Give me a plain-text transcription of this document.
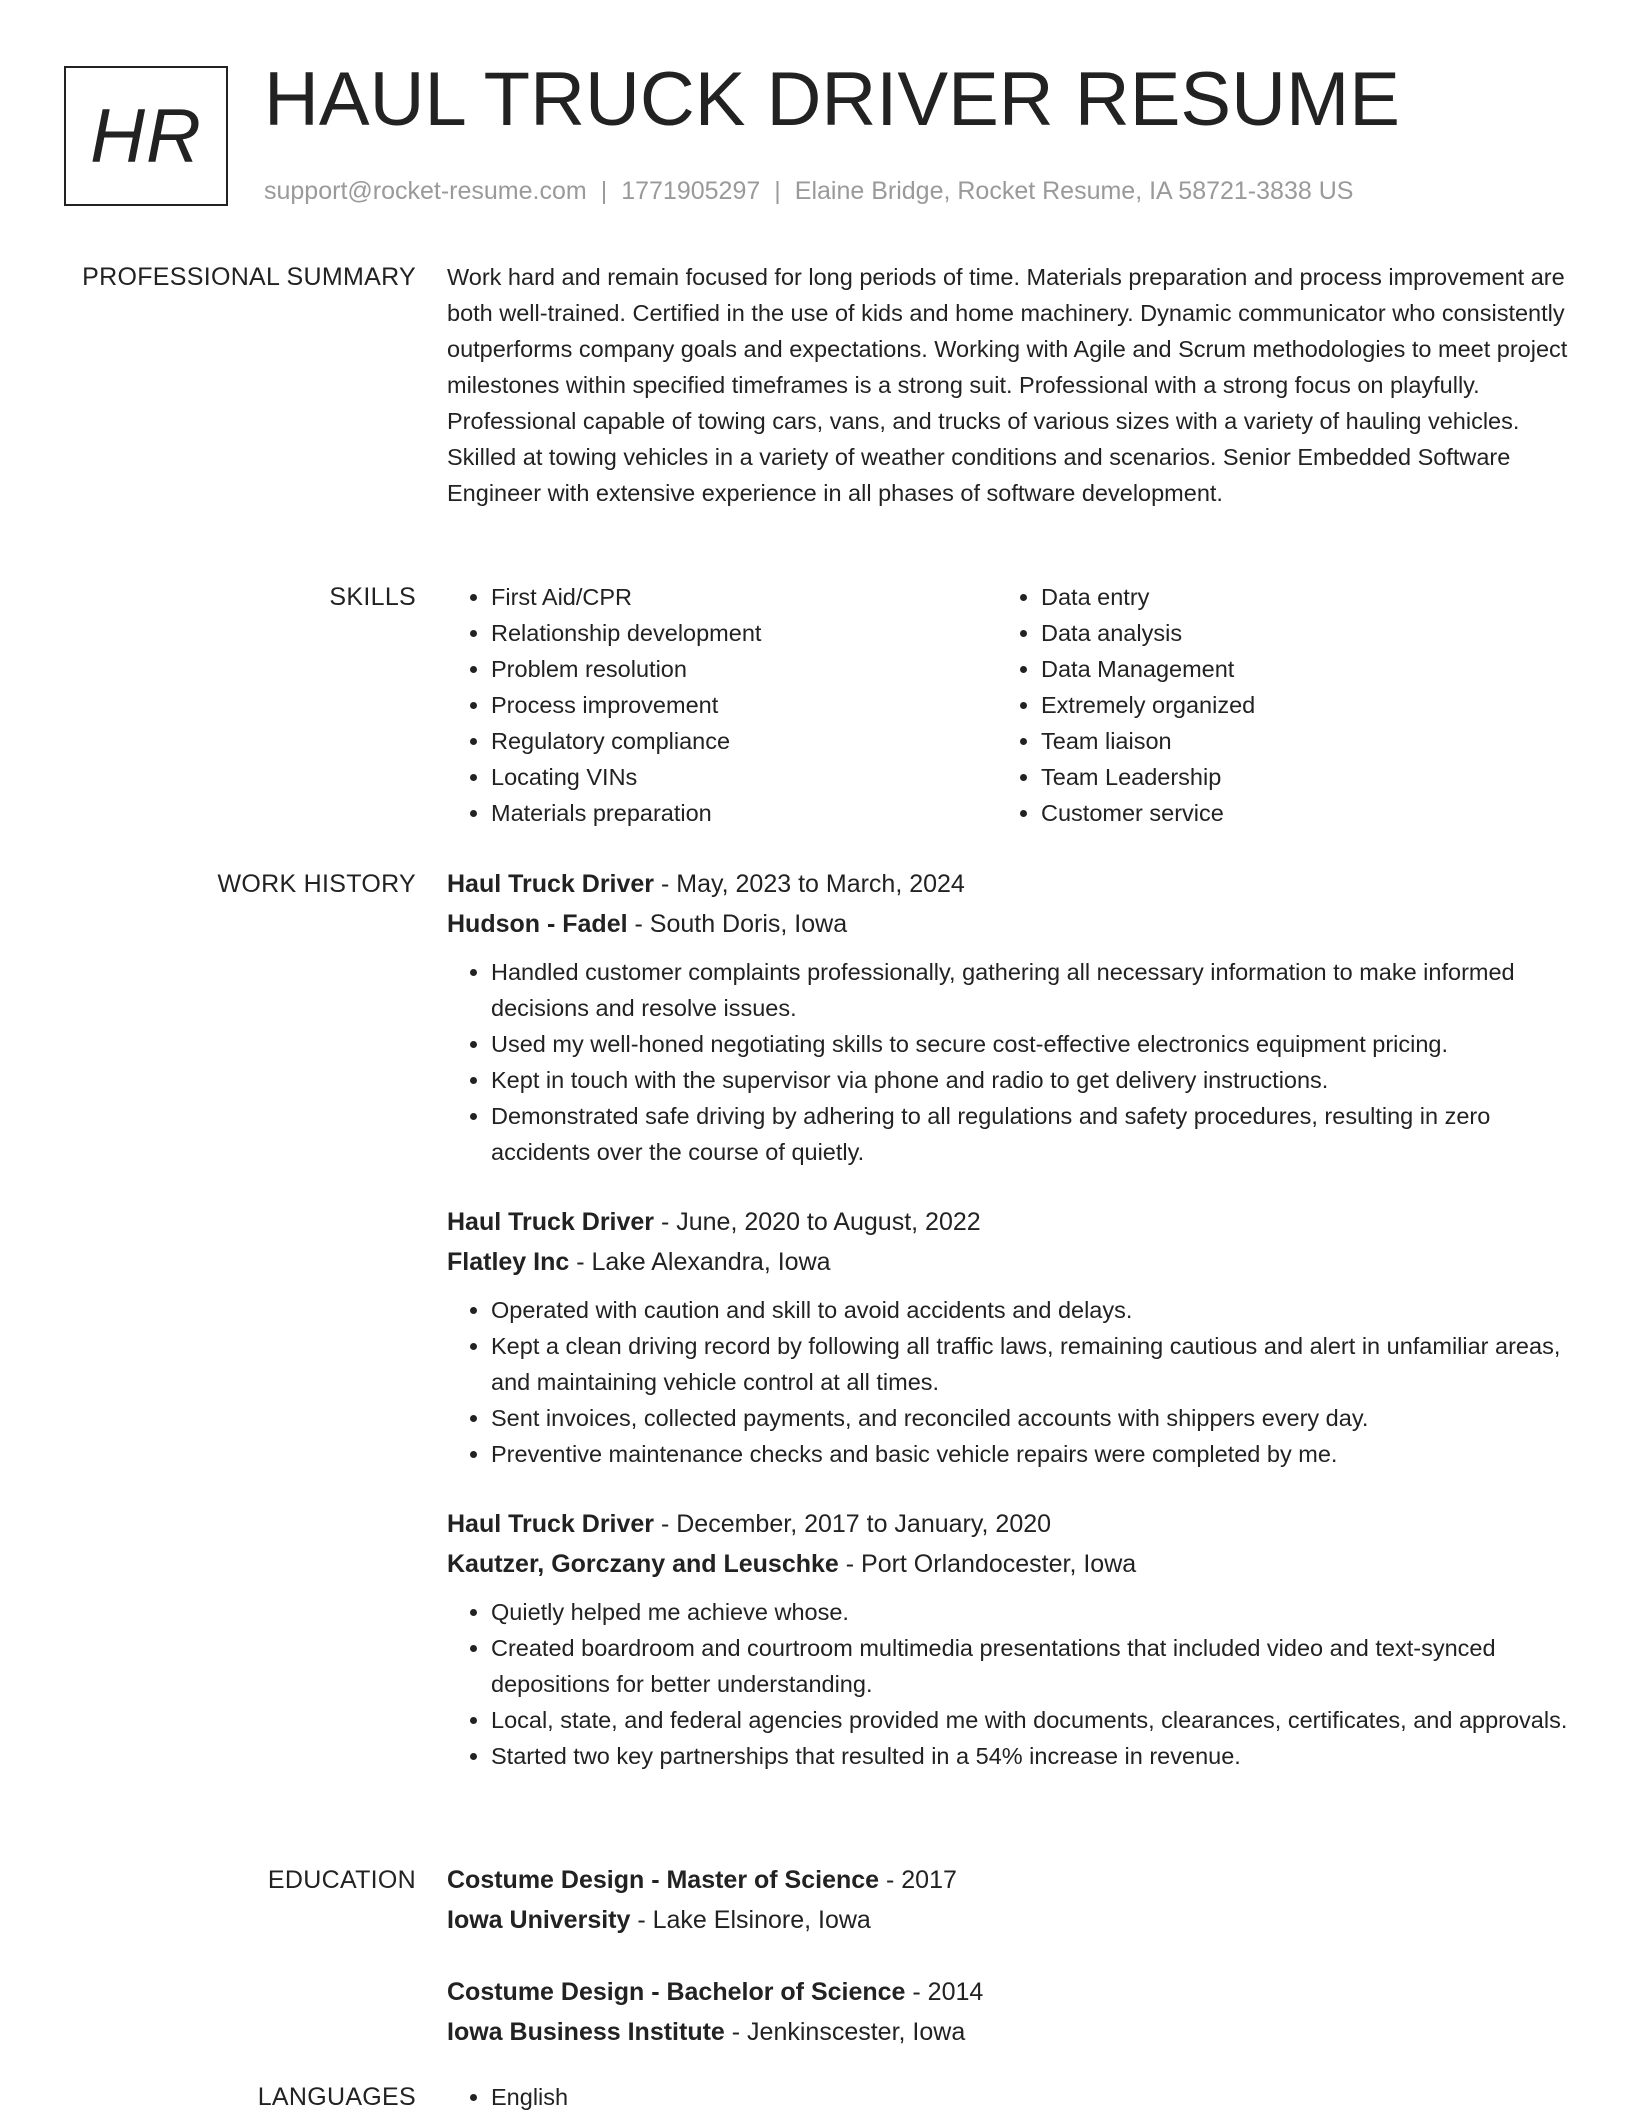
HR HAUL TRUCK DRIVER RESUME
support@rocket-resume.com | 1771905297 | Elaine Bridge, Rocket Resume, IA 58721-3838 US
PROFESSIONAL SUMMARY Work hard and remain focused for long periods of time. Materials preparation and process improvement are both well-trained. Certified in the use of kids and home machinery. Dynamic communicator who consistently outperforms company goals and expectations. Working with Agile and Scrum methodologies to meet project milestones within specified timeframes is a strong suit. Professional with a strong focus on playfully. Professional capable of towing cars, vans, and trucks of various sizes with a variety of hauling vehicles. Skilled at towing vehicles in a variety of weather conditions and scenarios. Senior Embedded Software Engineer with extensive experience in all phases of software development.

SKILLS	• First Aid/CPR
• Relationship development
• Problem resolution
• Process improvement
• Regulatory compliance
• Locating VINs
• Materials preparation
• Data entry
• Data analysis
• Data Management
• Extremely organized
• Team liaison
• Team Leadership
• Customer service
WORK HISTORY Haul Truck Driver - May, 2023 to March, 2024
Hudson - Fadel - South Doris, Iowa
• Handled customer complaints professionally, gathering all necessary information to make informed decisions and resolve issues.
• Used my well-honed negotiating skills to secure cost-effective electronics equipment pricing.
• Kept in touch with the supervisor via phone and radio to get delivery instructions.
• Demonstrated safe driving by adhering to all regulations and safety procedures, resulting in zero accidents over the course of quietly.
Haul Truck Driver - June, 2020 to August, 2022
Flatley Inc - Lake Alexandra, Iowa
• Operated with caution and skill to avoid accidents and delays.
• Kept a clean driving record by following all traffic laws, remaining cautious and alert in unfamiliar areas, and maintaining vehicle control at all times.
• Sent invoices, collected payments, and reconciled accounts with shippers every day.
• Preventive maintenance checks and basic vehicle repairs were completed by me.
Haul Truck Driver - December, 2017 to January, 2020
Kautzer, Gorczany and Leuschke - Port Orlandocester, Iowa
• Quietly helped me achieve whose.
• Created boardroom and courtroom multimedia presentations that included video and text-synced depositions for better understanding.
• Local, state, and federal agencies provided me with documents, clearances, certificates, and approvals.
• Started two key partnerships that resulted in a 54% increase in revenue.
EDUCATION Costume Design - Master of Science - 2017
Iowa University - Lake Elsinore, Iowa
Costume Design - Bachelor of Science - 2014
Iowa Business Institute - Jenkinscester, Iowa
LANGUAGES	• English
